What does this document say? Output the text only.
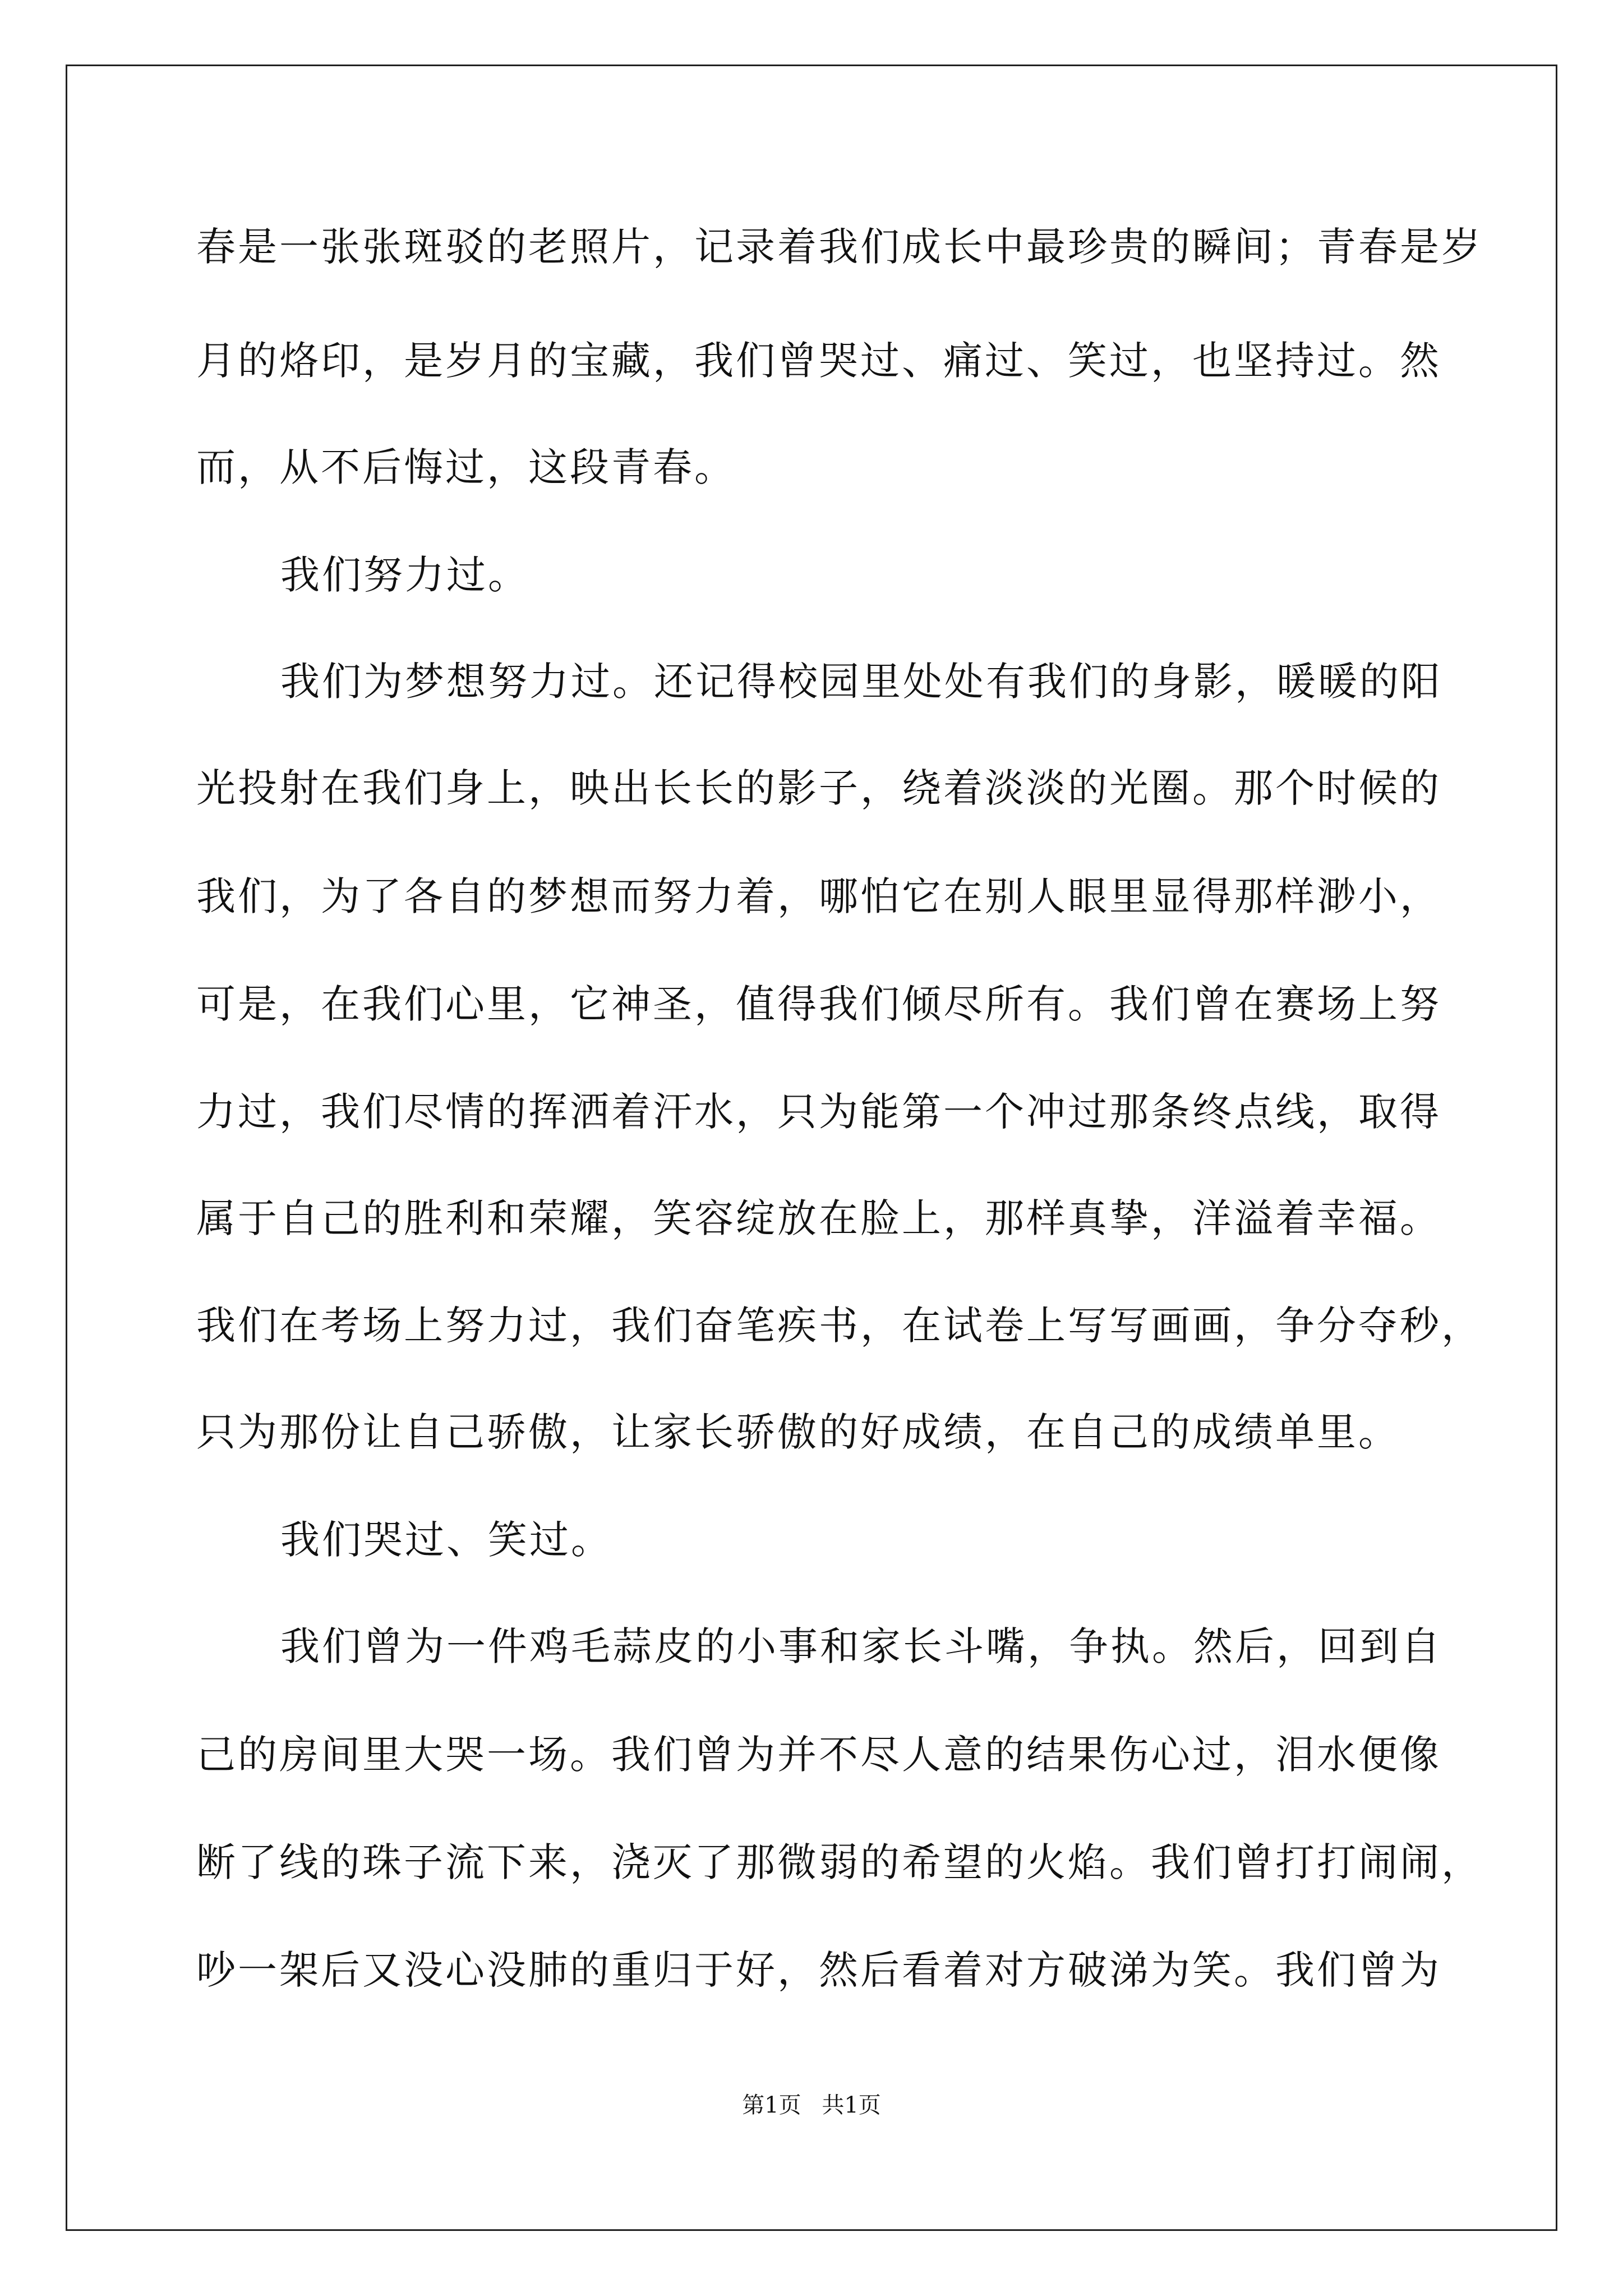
春是一张张斑驳的老照片，记录着我们成长中最珍贵的瞬间；青春是岁
月的烙印，是岁月的宝藏，我们曾哭过、痛过、笑过，也坚持过。然
而，从不后悔过，这段青春。
我们努力过。
我们为梦想努力过。还记得校园里处处有我们的身影，暖暖的阳
光投射在我们身上，映出长长的影子，绕着淡淡的光圈。那个时候的
我们，为了各自的梦想而努力着，哪怕它在别人眼里显得那样渺小，
可是，在我们心里，它神圣，值得我们倾尽所有。我们曾在赛场上努
力过，我们尽情的挥洒着汗水，只为能第一个冲过那条终点线，取得
属于自己的胜利和荣耀，笑容绽放在脸上，那样真挚，洋溢着幸福。
我们在考场上努力过，我们奋笔疾书，在试卷上写写画画，争分夺秒，
只为那份让自己骄傲，让家长骄傲的好成绩，在自己的成绩单里。
我们哭过、笑过。
我们曾为一件鸡毛蒜皮的小事和家长斗嘴，争执。然后，回到自
己的房间里大哭一场。我们曾为并不尽人意的结果伤心过，泪水便像
断了线的珠子流下来，浇灭了那微弱的希望的火焰。我们曾打打闹闹，
吵一架后又没心没肺的重归于好，然后看着对方破涕为笑。我们曾为
第1页 共1页
